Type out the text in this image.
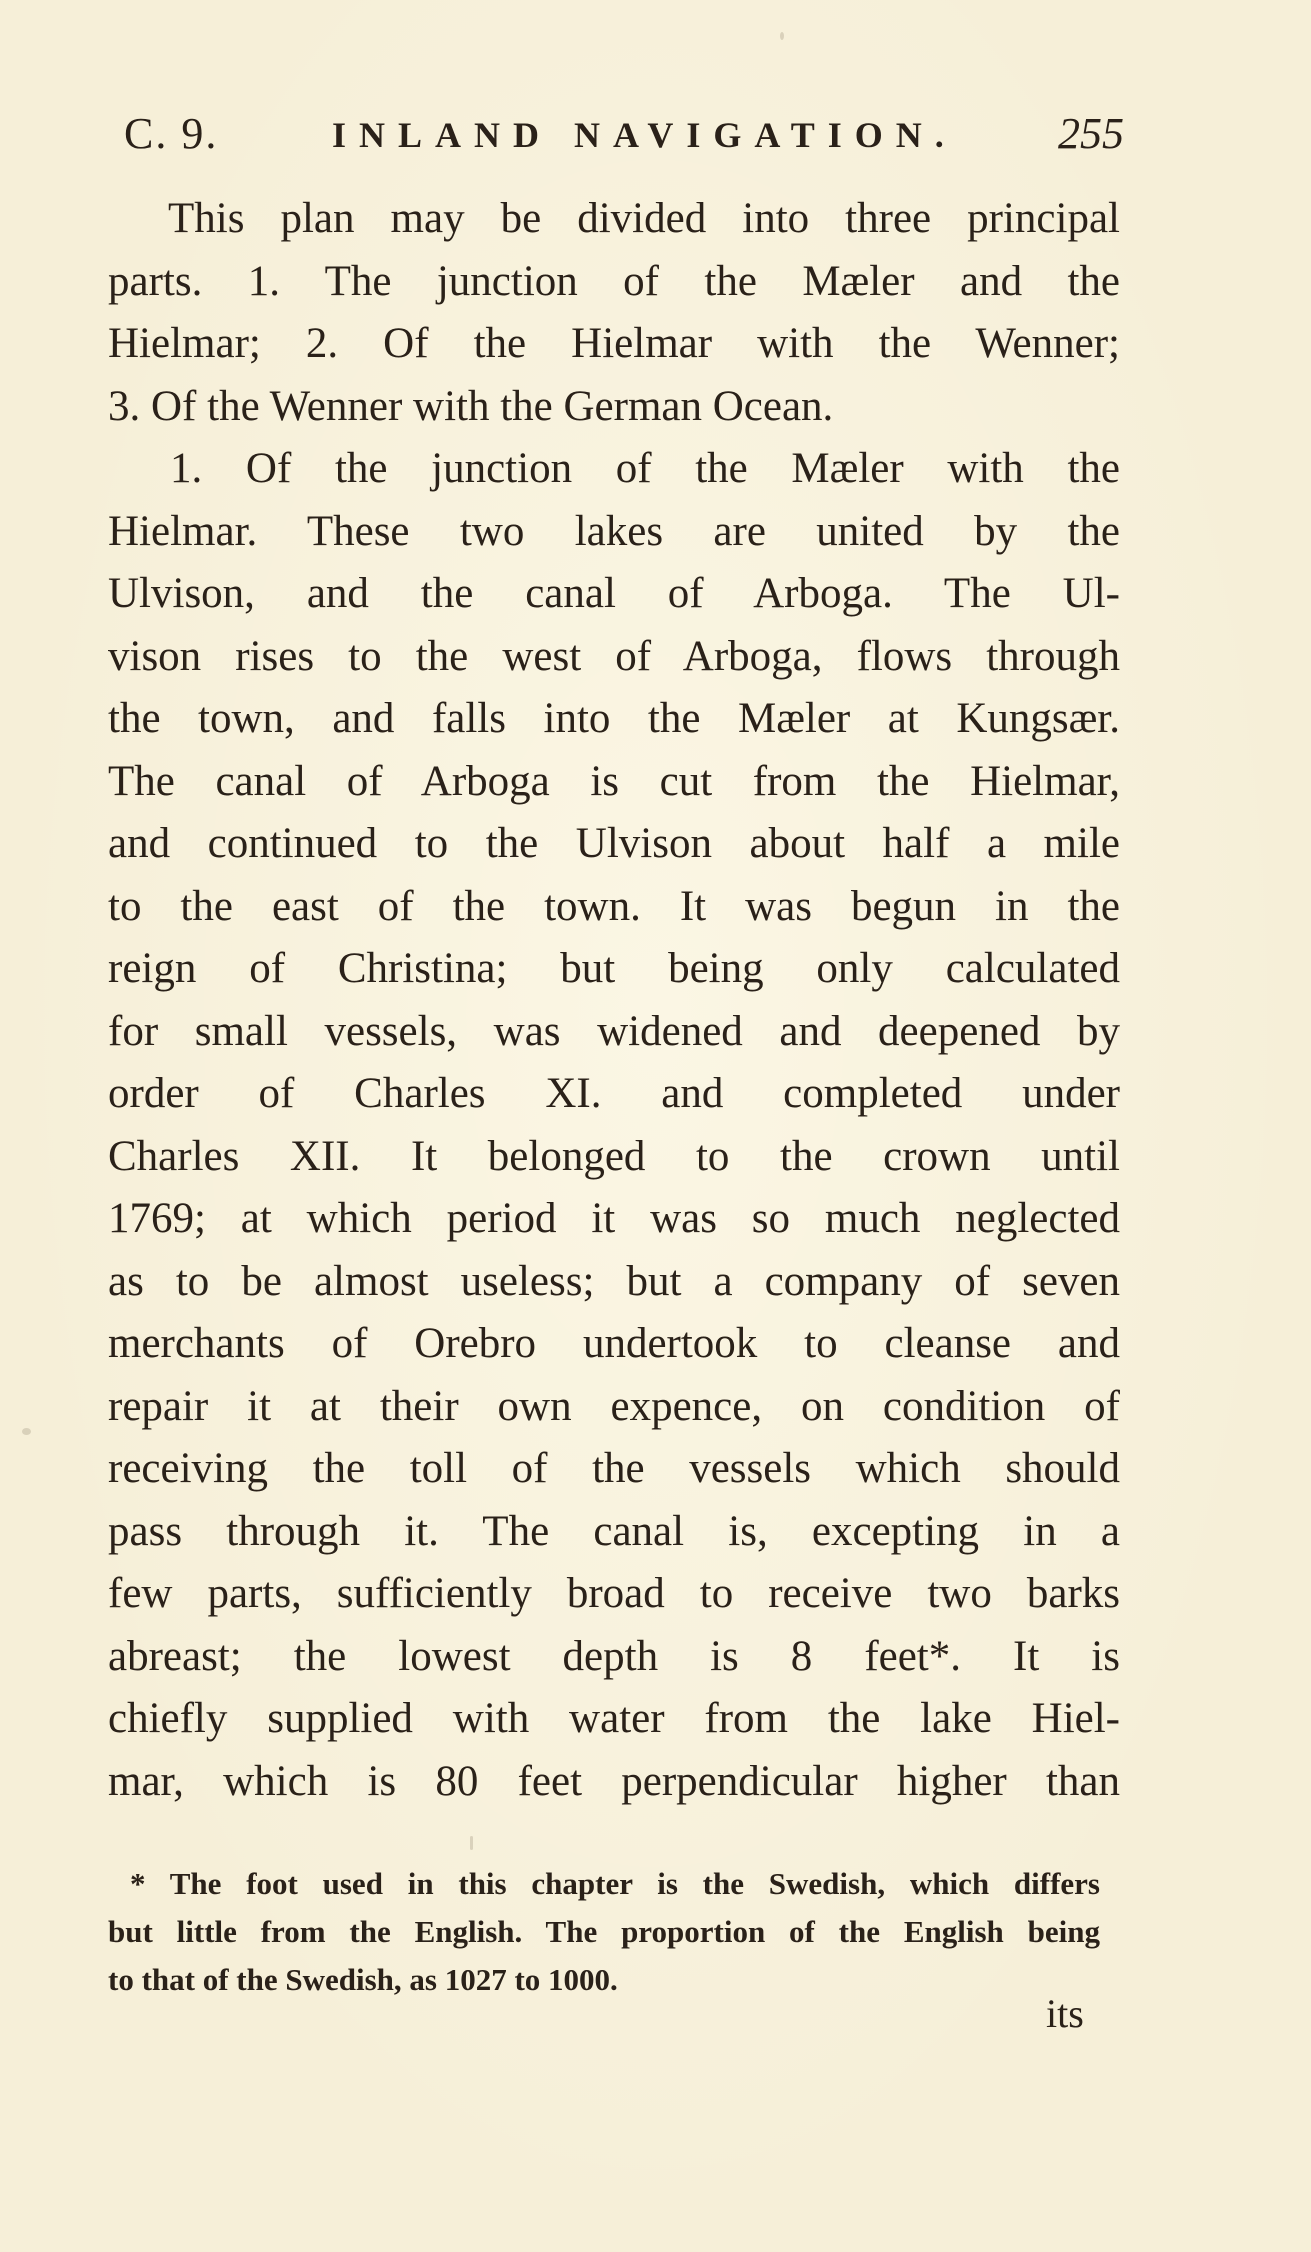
C. 9.	INLAND NAVIGATION. 255
This plan may be divided into three principal
parts. 1. The junction of the Mæler and the
Hielmar; 2. Of the Hielmar with the Wenner;
3. Of the Wenner with the German Ocean.
1. Of the junction of the Mæler with the
Hielmar. These two lakes are united by the
Ulvison, and the canal of Arboga. The Ul-
vison rises to the west of Arboga, flows through
the town, and falls into the Mæler at Kungsær.
The canal of Arboga is cut from the Hielmar,
and continued to the Ulvison about half a mile
to the east of the town. It was begun in the
reign of Christina; but being only calculated
for small vessels, was widened and deepened by
order of Charles XI. and completed under
Charles XII. It belonged to the crown until
1769; at which period it was so much neglected
as to be almost useless; but a company of seven
merchants of Orebro undertook to cleanse and
repair it at their own expence, on condition of
receiving the toll of the vessels which should
pass through it. The canal is, excepting in a
few parts, sufficiently broad to receive two barks
abreast; the lowest depth is 8 feet*. It is
chiefly supplied with water from the lake Hiel-
mar, which is 80 feet perpendicular higher than
* The foot used in this chapter is the Swedish, which differs
but little from the English. The proportion of the English being
to that of the Swedish, as 1027 to 1000.
its
